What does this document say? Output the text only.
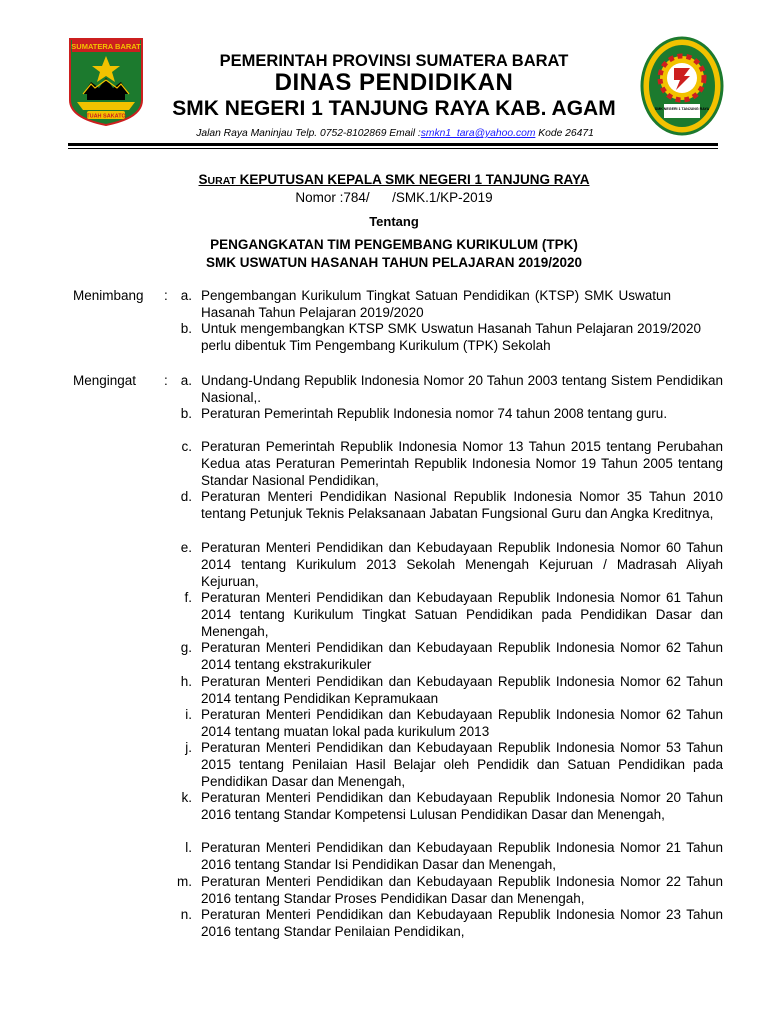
SUMATERA BARAT
TUAH SAKATO
SMK NEGERI 1 TANJUNG RAYA
PEMERINTAH PROVINSI SUMATERA BARAT
DINAS PENDIDIKAN
SMK NEGERI 1 TANJUNG RAYA KAB. AGAM
Jalan Raya Maninjau Telp. 0752-8102869 Email :smkn1_tara@yahoo.com Kode 26471
SURAT KEPUTUSAN KEPALA SMK NEGERI 1 TANJUNG RAYA
Nomor :784/      /SMK.1/KP-2019
Tentang
PENGANGKATAN TIM PENGEMBANG KURIKULUM (TPK)
SMK USWATUN HASANAH TAHUN PELAJARAN 2019/2020
Menimbang : a. Pengembangan Kurikulum Tingkat Satuan Pendidikan (KTSP) SMK Uswatun Hasanah Tahun Pelajaran 2019/2020

b. Untuk mengembangkan KTSP SMK Uswatun Hasanah Tahun Pelajaran 2019/2020 perlu dibentuk Tim Pengembang Kurikulum (TPK) Sekolah

Mengingat : a. Undang-Undang Republik Indonesia Nomor 20 Tahun 2003 tentang Sistem Pendidikan Nasional,.

b. Peraturan Pemerintah Republik Indonesia nomor 74 tahun 2008 tentang guru.

c. Peraturan Pemerintah Republik Indonesia Nomor 13 Tahun 2015 tentang Perubahan Kedua atas Peraturan Pemerintah Republik Indonesia Nomor 19 Tahun 2005 tentang Standar Nasional Pendidikan,

d. Peraturan Menteri Pendidikan Nasional Republik Indonesia Nomor 35 Tahun 2010 tentang Petunjuk Teknis Pelaksanaan Jabatan Fungsional Guru dan Angka Kreditnya,

e. Peraturan Menteri Pendidikan dan Kebudayaan Republik Indonesia Nomor 60 Tahun 2014 tentang Kurikulum 2013 Sekolah Menengah Kejuruan / Madrasah Aliyah Kejuruan,

f. Peraturan Menteri Pendidikan dan Kebudayaan Republik Indonesia Nomor 61 Tahun 2014 tentang Kurikulum Tingkat Satuan Pendidikan pada Pendidikan Dasar dan Menengah,

g. Peraturan Menteri Pendidikan dan Kebudayaan Republik Indonesia Nomor 62 Tahun 2014 tentang ekstrakurikuler

h. Peraturan Menteri Pendidikan dan Kebudayaan Republik Indonesia Nomor 62 Tahun 2014 tentang Pendidikan Kepramukaan

i. Peraturan Menteri Pendidikan dan Kebudayaan Republik Indonesia Nomor 62 Tahun 2014 tentang muatan lokal pada kurikulum 2013

j. Peraturan Menteri Pendidikan dan Kebudayaan Republik Indonesia Nomor 53 Tahun 2015 tentang Penilaian Hasil Belajar oleh Pendidik dan Satuan Pendidikan pada Pendidikan Dasar dan Menengah,

k. Peraturan Menteri Pendidikan dan Kebudayaan Republik Indonesia Nomor 20 Tahun 2016 tentang Standar Kompetensi Lulusan Pendidikan Dasar dan Menengah,

l. Peraturan Menteri Pendidikan dan Kebudayaan Republik Indonesia Nomor 21 Tahun 2016 tentang Standar Isi Pendidikan Dasar dan Menengah,

m. Peraturan Menteri Pendidikan dan Kebudayaan Republik Indonesia Nomor 22 Tahun 2016 tentang Standar Proses Pendidikan Dasar dan Menengah,

n. Peraturan Menteri Pendidikan dan Kebudayaan Republik Indonesia Nomor 23 Tahun 2016 tentang Standar Penilaian Pendidikan,
